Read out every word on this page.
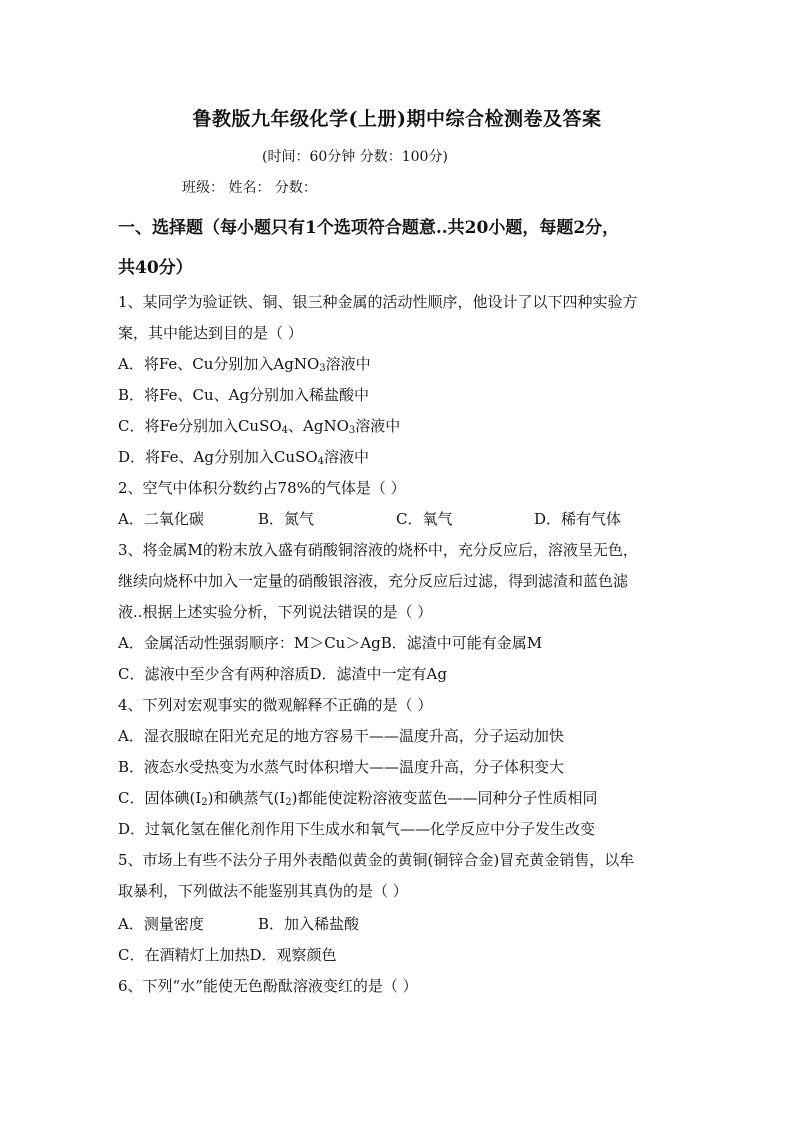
鲁教版九年级化学(上册)期中综合检测卷及答案
(时间：60分钟 分数：100分)
班级： 姓名： 分数：
一、选择题（每小题只有1个选项符合题意..共20小题，每题2分，
共40分）
1、某同学为验证铁、铜、银三种金属的活动性顺序，他设计了以下四种实验方
案，其中能达到目的是（ ）
A．将Fe、Cu分别加入AgNO$_3$溶液中
B．将Fe、Cu、Ag分别加入稀盐酸中
C．将Fe分别加入CuSO$_4$、AgNO$_3$溶液中
D．将Fe、Ag分别加入CuSO$_4$溶液中
2、空气中体积分数约占78%的气体是（ ）
A．二氧化碳	B．氮气	C．氧气	D．稀有气体
3、将金属M的粉末放入盛有硝酸铜溶液的烧杯中，充分反应后，溶液呈无色，
继续向烧杯中加入一定量的硝酸银溶液，充分反应后过滤，得到滤渣和蓝色滤
液..根据上述实验分析，下列说法错误的是（ ）
A．金属活动性强弱顺序：M＞Cu＞AgB．滤渣中可能有金属M
C．滤液中至少含有两种溶质D．滤渣中一定有Ag
4、下列对宏观事实的微观解释不正确的是（ ）
A．湿衣服晾在阳光充足的地方容易干——温度升高，分子运动加快
B．液态水受热变为水蒸气时体积增大——温度升高，分子体积变大
C．固体碘$(I_2)$和碘蒸气$(I_2)$都能使淀粉溶液变蓝色——同种分子性质相同
D．过氧化氢在催化剂作用下生成水和氧气——化学反应中分子发生改变
5、市场上有些不法分子用外表酷似黄金的黄铜(铜锌合金)冒充黄金销售，以牟
取暴利，下列做法不能鉴别其真伪的是（ ）
A．测量密度	B．加入稀盐酸
C．在酒精灯上加热D．观察颜色
6、下列“水”能使无色酚酞溶液变红的是（ ）
